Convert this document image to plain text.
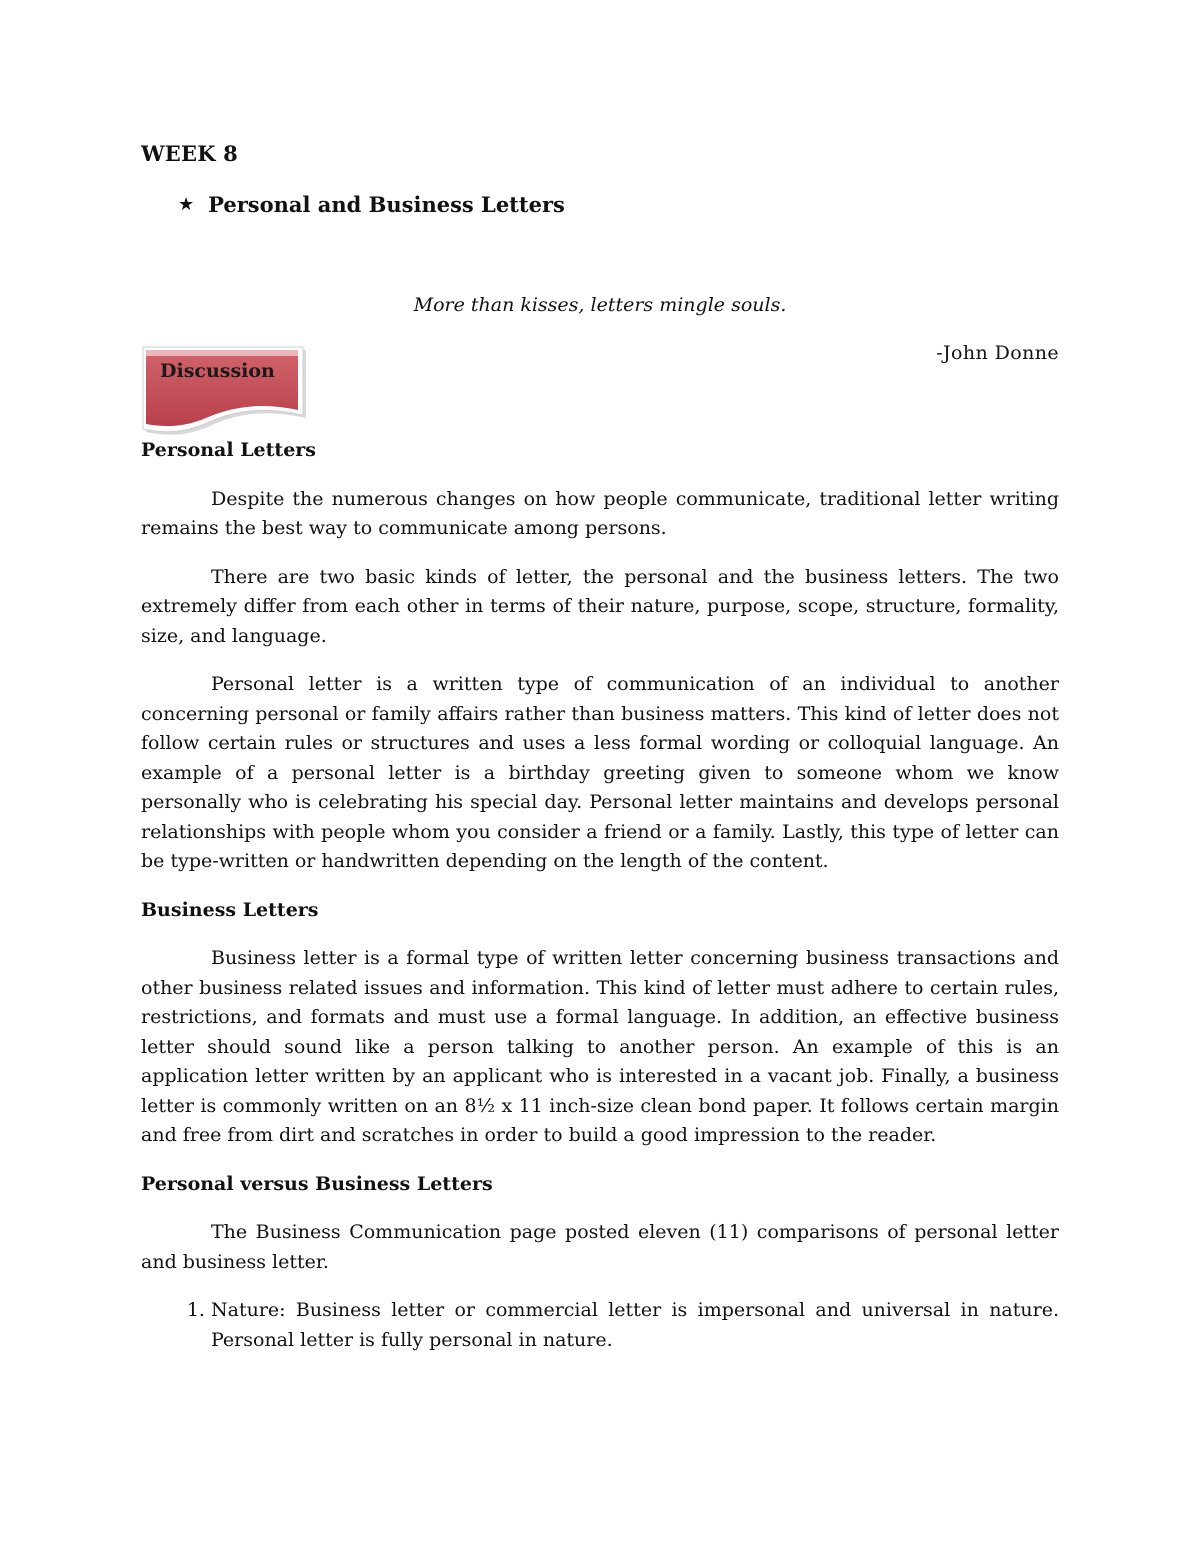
WEEK 8
★ Personal and Business Letters
More than kisses, letters mingle souls.
-John Donne
Discussion
Personal Letters

Despite the numerous changes on how people communicate, traditional letter writing remains the best way to communicate among persons.

There are two basic kinds of letter, the personal and the business letters. The two extremely differ from each other in terms of their nature, purpose, scope, structure, formality, size, and language.

Personal letter is a written type of communication of an individual to another concerning personal or family affairs rather than business matters. This kind of letter does not follow certain rules or structures and uses a less formal wording or colloquial language. An example of a personal letter is a birthday greeting given to someone whom we know personally who is celebrating his special day. Personal letter maintains and develops personal relationships with people whom you consider a friend or a family. Lastly, this type of letter can be type-written or handwritten depending on the length of the content.

Business Letters

Business letter is a formal type of written letter concerning business transactions and other business related issues and information. This kind of letter must adhere to certain rules, restrictions, and formats and must use a formal language. In addition, an effective business letter should sound like a person talking to another person. An example of this is an application letter written by an applicant who is interested in a vacant job. Finally, a business letter is commonly written on an 8½ x 11 inch-size clean bond paper. It follows certain margin and free from dirt and scratches in order to build a good impression to the reader.

Personal versus Business Letters

The Business Communication page posted eleven (11) comparisons of personal letter and business letter.

1. Nature: Business letter or commercial letter is impersonal and universal in nature. Personal letter is fully personal in nature.
